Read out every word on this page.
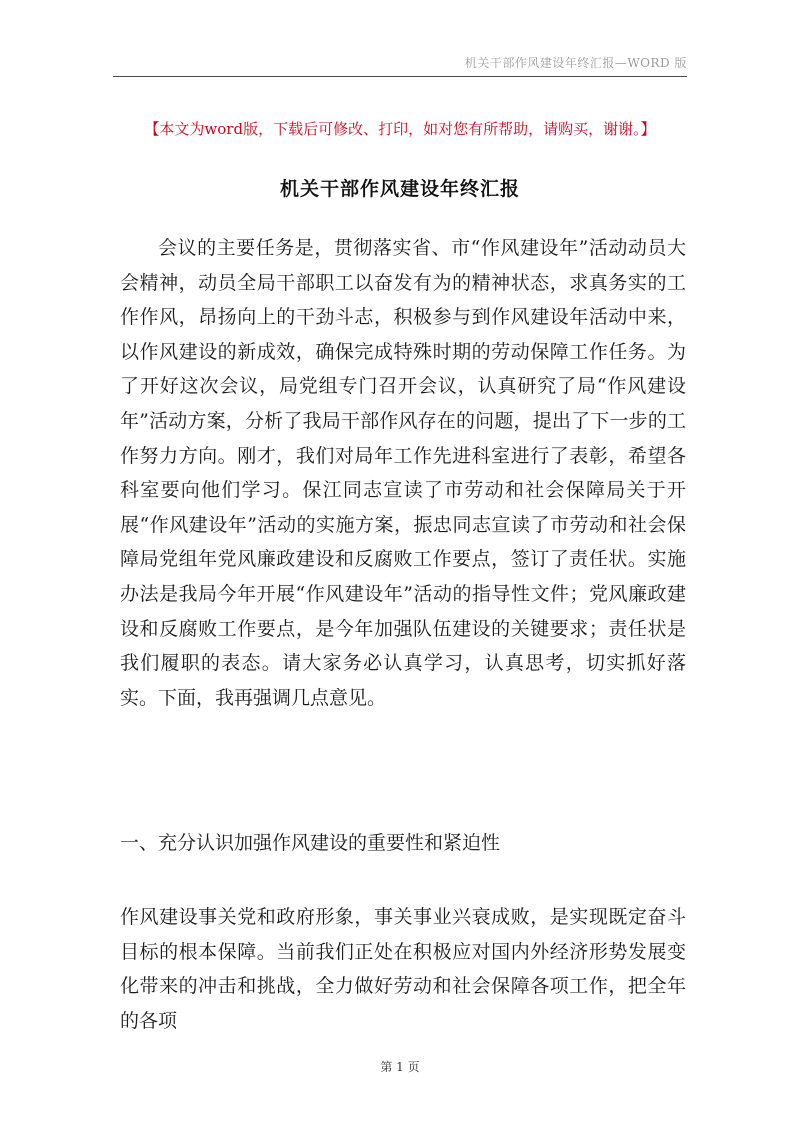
机关干部作风建设年终汇报—WORD 版
【本文为word版，下载后可修改、打印，如对您有所帮助，请购买，谢谢。】
机关干部作风建设年终汇报

会议的主要任务是，贯彻落实省、市“作风建设年”活动动员大会精神，动员全局干部职工以奋发有为的精神状态，求真务实的工作作风，昂扬向上的干劲斗志，积极参与到作风建设年活动中来，以作风建设的新成效，确保完成特殊时期的劳动保障工作任务。为了开好这次会议，局党组专门召开会议，认真研究了局“作风建设年”活动方案，分析了我局干部作风存在的问题，提出了下一步的工作努力方向。刚才，我们对局年工作先进科室进行了表彰，希望各科室要向他们学习。保江同志宣读了市劳动和社会保障局关于开展“作风建设年”活动的实施方案，振忠同志宣读了市劳动和社会保障局党组年党风廉政建设和反腐败工作要点，签订了责任状。实施办法是我局今年开展“作风建设年”活动的指导性文件；党风廉政建设和反腐败工作要点，是今年加强队伍建设的关键要求；责任状是我们履职的表态。请大家务必认真学习，认真思考，切实抓好落实。下面，我再强调几点意见。

一、充分认识加强作风建设的重要性和紧迫性

作风建设事关党和政府形象，事关事业兴衰成败，是实现既定奋斗目标的根本保障。当前我们正处在积极应对国内外经济形势发展变化带来的冲击和挑战，全力做好劳动和社会保障各项工作，把全年的各项

第 1 页
